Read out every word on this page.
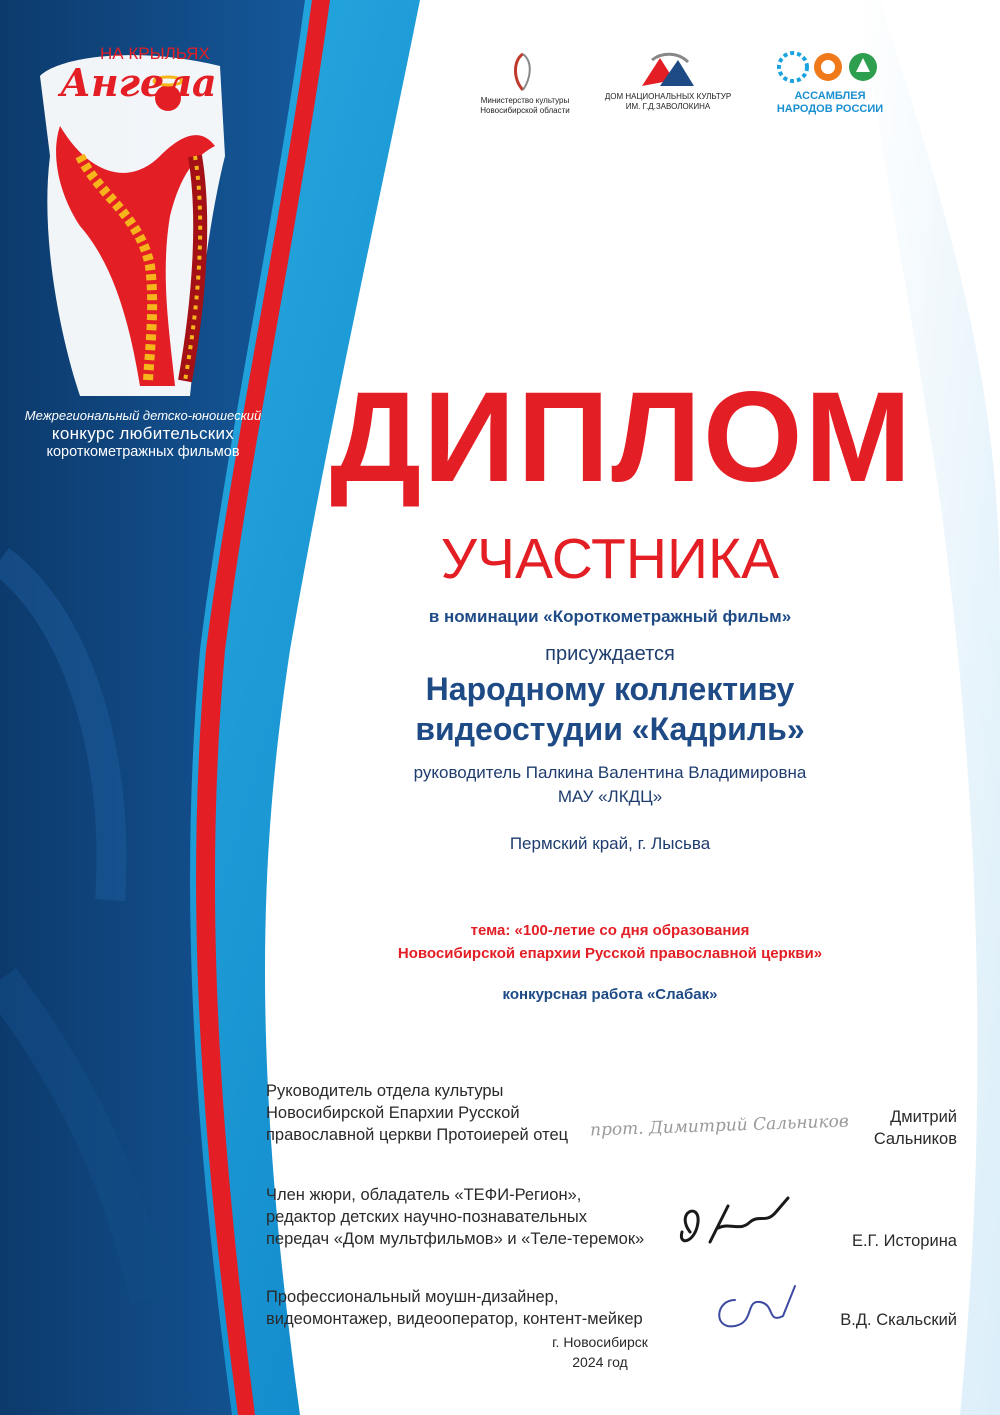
НА КРЫЛЬЯХ
Ангела
Межрегиональный детско-юношеский
конкурс любительских
короткометражных фильмов
Министерство культуры
Новосибирской области
ДОМ НАЦИОНАЛЬНЫХ КУЛЬТУР
ИМ. Г.Д.ЗАВОЛОКИНА
АССАМБЛЕЯ
НАРОДОВ РОССИИ
ДИПЛОМ
УЧАСТНИКА
в номинации «Короткометражный фильм»
присуждается
Народному коллективу
видеостудии «Кадриль»
руководитель Палкина Валентина Владимировна
МАУ «ЛКДЦ»
Пермский край, г. Лысьва
тема: «100-летие со дня образования
Новосибирской епархии Русской православной церкви»
конкурсная работа «Слабак»
Руководитель отдела культуры
Новосибирской Епархии Русской
православной церкви Протоиерей отец прот. Димитрий Сальников	Дмитрий
Сальников
Член жюри, обладатель «ТЕФИ-Регион»,
редактор детских научно-познавательных
передач «Дом мультфильмов» и «Теле-теремок»	Е.Г. Историна
Профессиональный моушн-дизайнер,
видеомонтажер, видеооператор, контент-мейкер	В.Д. Скальский
г. Новосибирск
2024 год
